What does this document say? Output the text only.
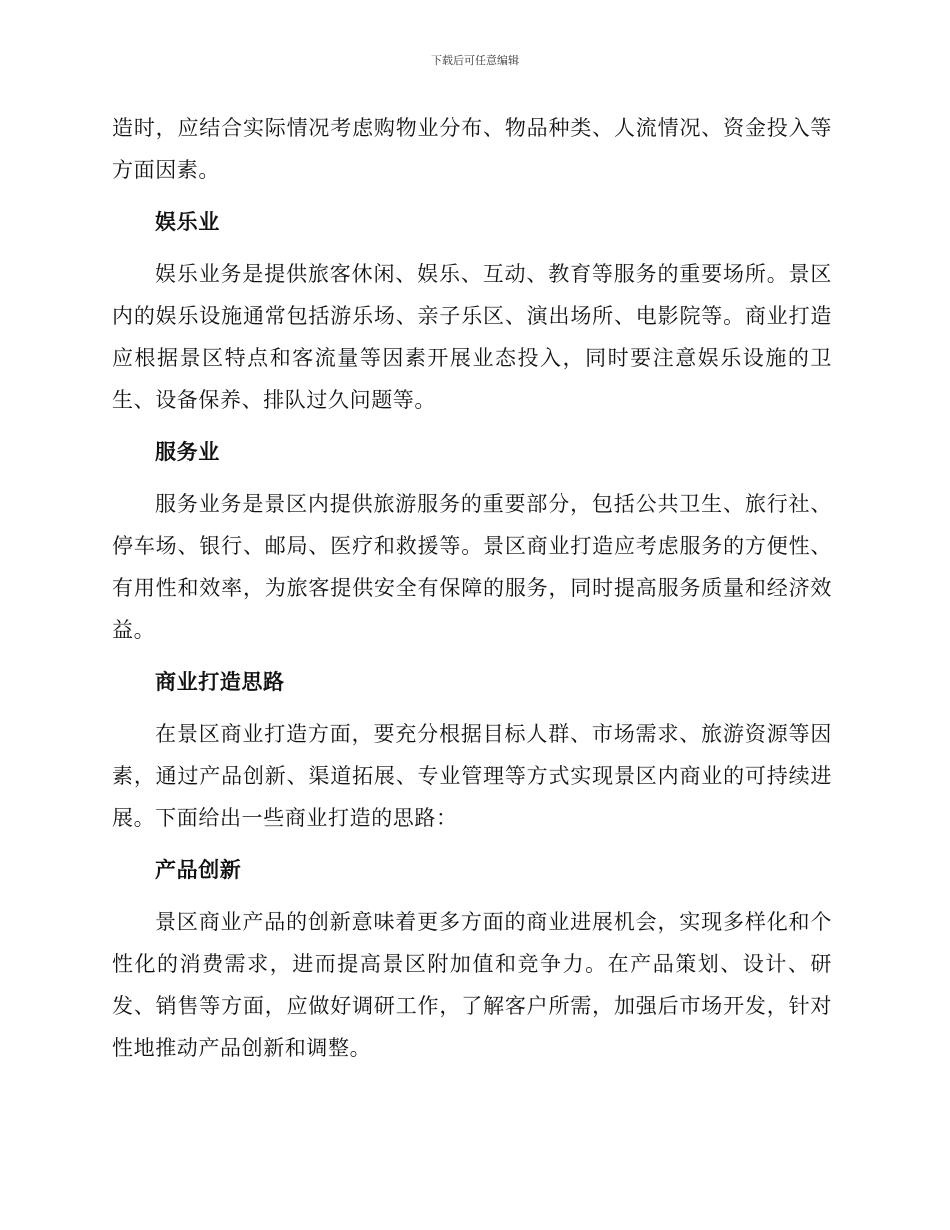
下载后可任意编辑

造时，应结合实际情况考虑购物业分布、物品种类、人流情况、资金投入等方面因素。

娱乐业

娱乐业务是提供旅客休闲、娱乐、互动、教育等服务的重要场所。景区内的娱乐设施通常包括游乐场、亲子乐区、演出场所、电影院等。商业打造应根据景区特点和客流量等因素开展业态投入，同时要注意娱乐设施的卫生、设备保养、排队过久问题等。

服务业

服务业务是景区内提供旅游服务的重要部分，包括公共卫生、旅行社、停车场、银行、邮局、医疗和救援等。景区商业打造应考虑服务的方便性、有用性和效率，为旅客提供安全有保障的服务，同时提高服务质量和经济效益。

商业打造思路

在景区商业打造方面，要充分根据目标人群、市场需求、旅游资源等因素，通过产品创新、渠道拓展、专业管理等方式实现景区内商业的可持续进展。下面给出一些商业打造的思路：

产品创新

景区商业产品的创新意味着更多方面的商业进展机会，实现多样化和个性化的消费需求，进而提高景区附加值和竞争力。在产品策划、设计、研发、销售等方面，应做好调研工作，了解客户所需，加强后市场开发，针对性地推动产品创新和调整。
